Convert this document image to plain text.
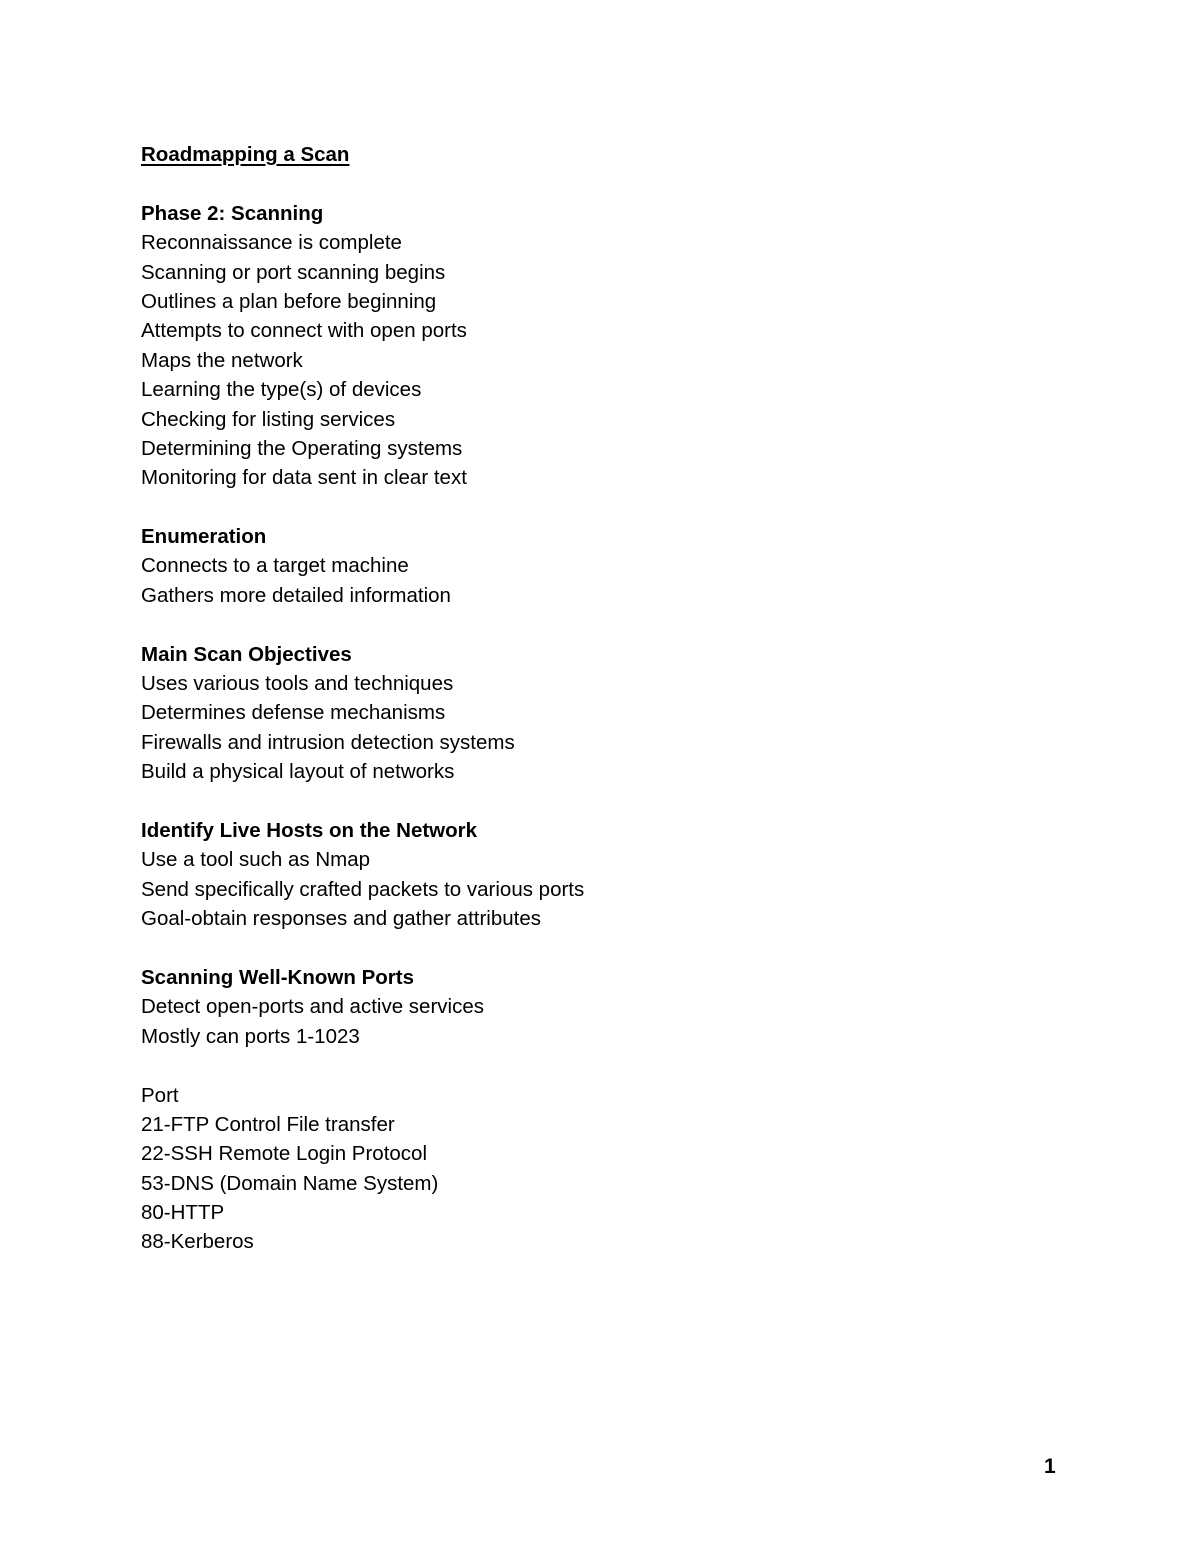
Roadmapping a Scan
Phase 2: Scanning
Reconnaissance is complete
Scanning or port scanning begins
Outlines a plan before beginning
Attempts to connect with open ports
Maps the network
Learning the type(s) of devices
Checking for listing services
Determining the Operating systems
Monitoring for data sent in clear text
Enumeration
Connects to a target machine
Gathers more detailed information
Main Scan Objectives
Uses various tools and techniques
Determines defense mechanisms
Firewalls and intrusion detection systems
Build a physical layout of networks
Identify Live Hosts on the Network
Use a tool such as Nmap
Send specifically crafted packets to various ports
Goal-obtain responses and gather attributes
Scanning Well-Known Ports
Detect open-ports and active services
Mostly can ports 1-1023
Port
21-FTP Control File transfer
22-SSH Remote Login Protocol
53-DNS (Domain Name System)
80-HTTP
88-Kerberos
1
